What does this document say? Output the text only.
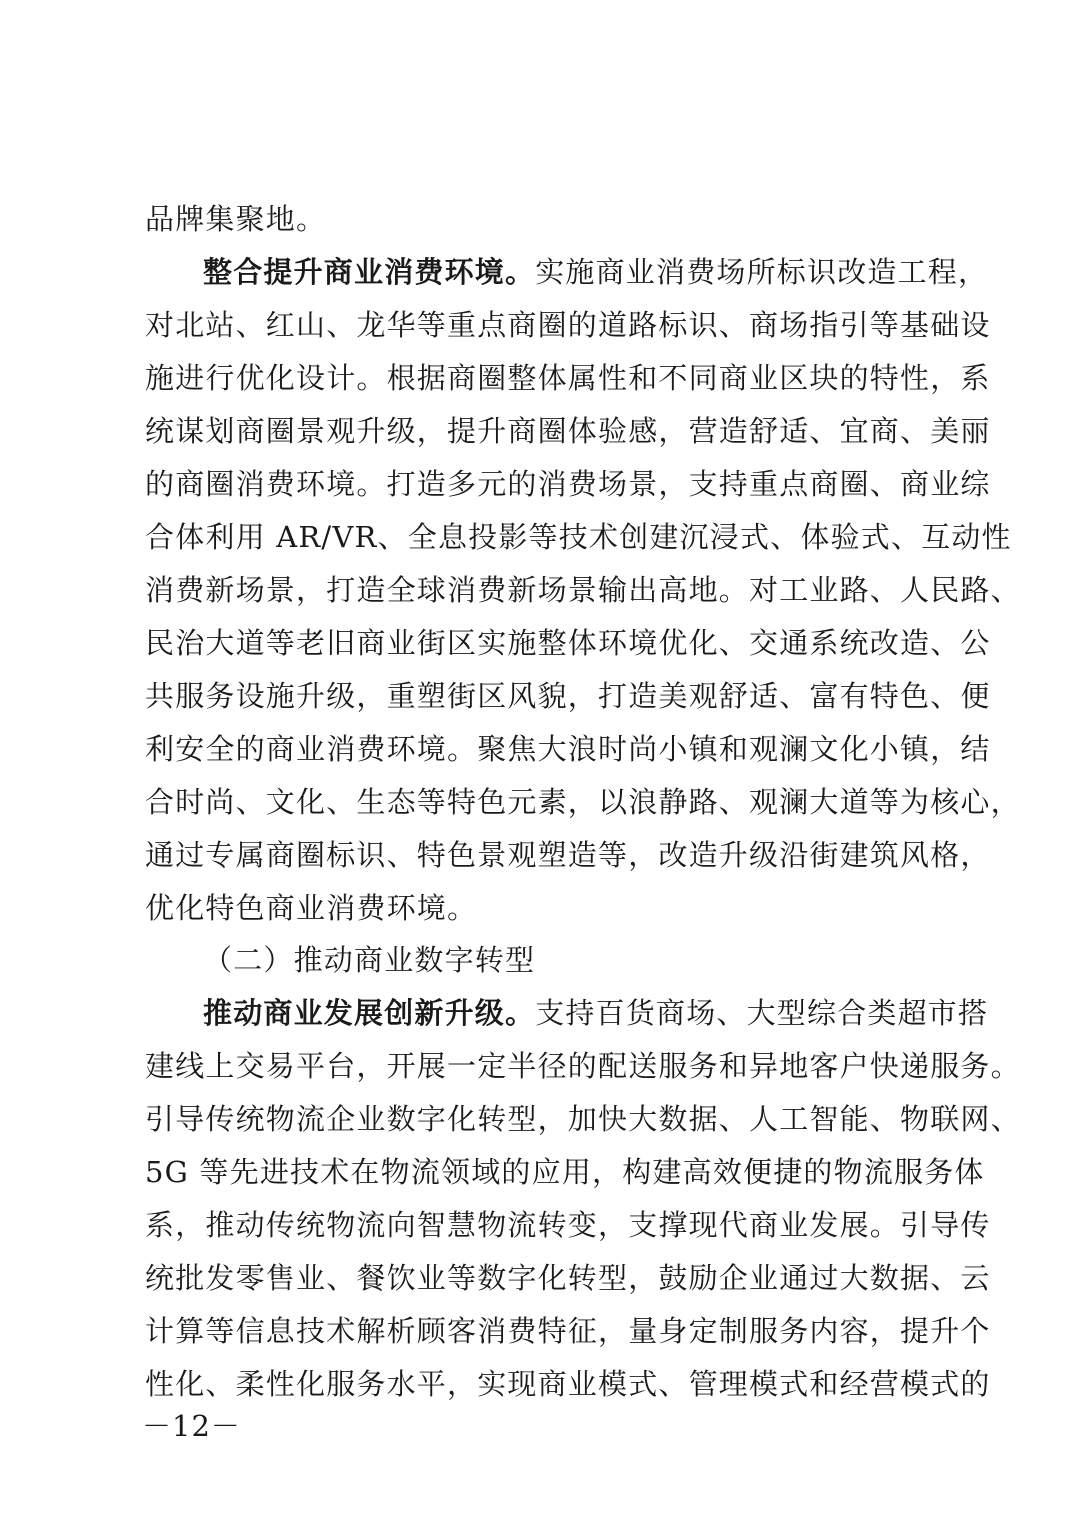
品牌集聚地。
整合提升商业消费环境。实施商业消费场所标识改造工程，
对北站、红山、龙华等重点商圈的道路标识、商场指引等基础设
施进行优化设计。根据商圈整体属性和不同商业区块的特性，系
统谋划商圈景观升级，提升商圈体验感，营造舒适、宜商、美丽
的商圈消费环境。打造多元的消费场景，支持重点商圈、商业综
合体利用 AR/VR、全息投影等技术创建沉浸式、体验式、互动性
消费新场景，打造全球消费新场景输出高地。对工业路、人民路、
民治大道等老旧商业街区实施整体环境优化、交通系统改造、公
共服务设施升级，重塑街区风貌，打造美观舒适、富有特色、便
利安全的商业消费环境。聚焦大浪时尚小镇和观澜文化小镇，结
合时尚、文化、生态等特色元素，以浪静路、观澜大道等为核心，
通过专属商圈标识、特色景观塑造等，改造升级沿街建筑风格，
优化特色商业消费环境。
（二）推动商业数字转型
推动商业发展创新升级。支持百货商场、大型综合类超市搭
建线上交易平台，开展一定半径的配送服务和异地客户快递服务。
引导传统物流企业数字化转型，加快大数据、人工智能、物联网、
5G 等先进技术在物流领域的应用，构建高效便捷的物流服务体
系，推动传统物流向智慧物流转变，支撑现代商业发展。引导传
统批发零售业、餐饮业等数字化转型，鼓励企业通过大数据、云
计算等信息技术解析顾客消费特征，量身定制服务内容，提升个
性化、柔性化服务水平，实现商业模式、管理模式和经营模式的
－12－
